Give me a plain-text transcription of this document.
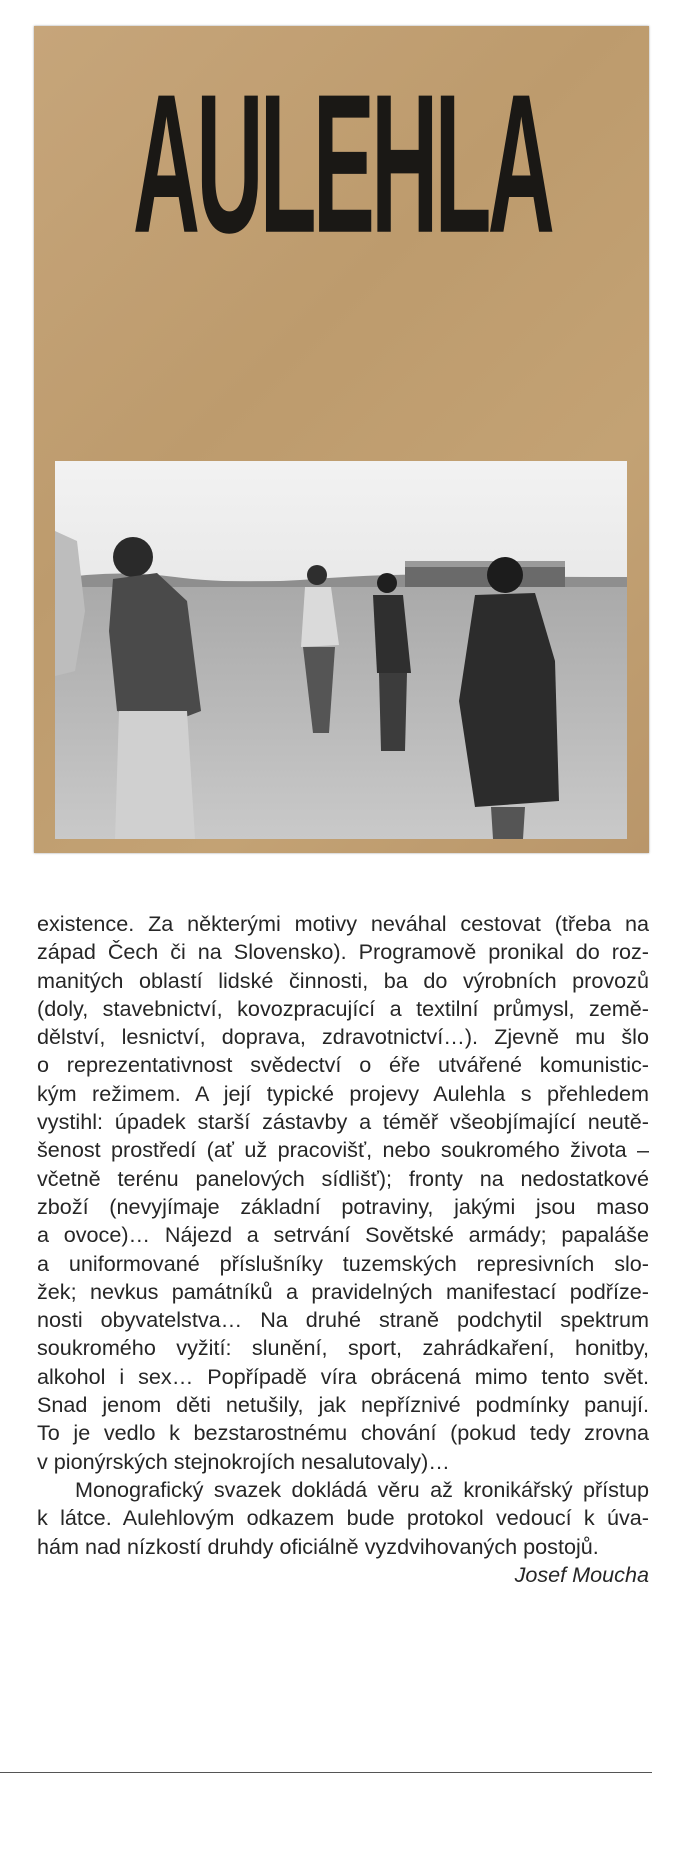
AULEHLA
existence. Za některými motivy neváhal cestovat (třeba na
západ Čech či na Slovensko). Programově pronikal do roz-
manitých oblastí lidské činnosti, ba do výrobních provozů
(doly, stavebnictví, kovozpracující a textilní průmysl, země-
dělství, lesnictví, doprava, zdravotnictví…). Zjevně mu šlo
o reprezentativnost svědectví o éře utvářené komunistic-
kým režimem. A její typické projevy Aulehla s přehledem
vystihl: úpadek starší zástavby a téměř všeobjímající neutě-
šenost prostředí (ať už pracovišť, nebo soukromého života –
včetně terénu panelových sídlišť); fronty na nedostatkové
zboží (nevyjímaje základní potraviny, jakými jsou maso
a ovoce)… Nájezd a setrvání Sovětské armády; papaláše
a uniformované příslušníky tuzemských represivních slo-
žek; nevkus památníků a pravidelných manifestací podříze-
nosti obyvatelstva… Na druhé straně podchytil spektrum
soukromého vyžití: slunění, sport, zahrádkaření, honitby,
alkohol i sex… Popřípadě víra obrácená mimo tento svět.
Snad jenom děti netušily, jak nepříznivé podmínky panují.
To je vedlo k bezstarostnému chování (pokud tedy zrovna
v pionýrských stejnokrojích nesalutovaly)…
Monografický svazek dokládá věru až kronikářský přístup
k látce. Aulehlovým odkazem bude protokol vedoucí k úva-
hám nad nízkostí druhdy oficiálně vyzdvihovaných postojů.
Josef Moucha
